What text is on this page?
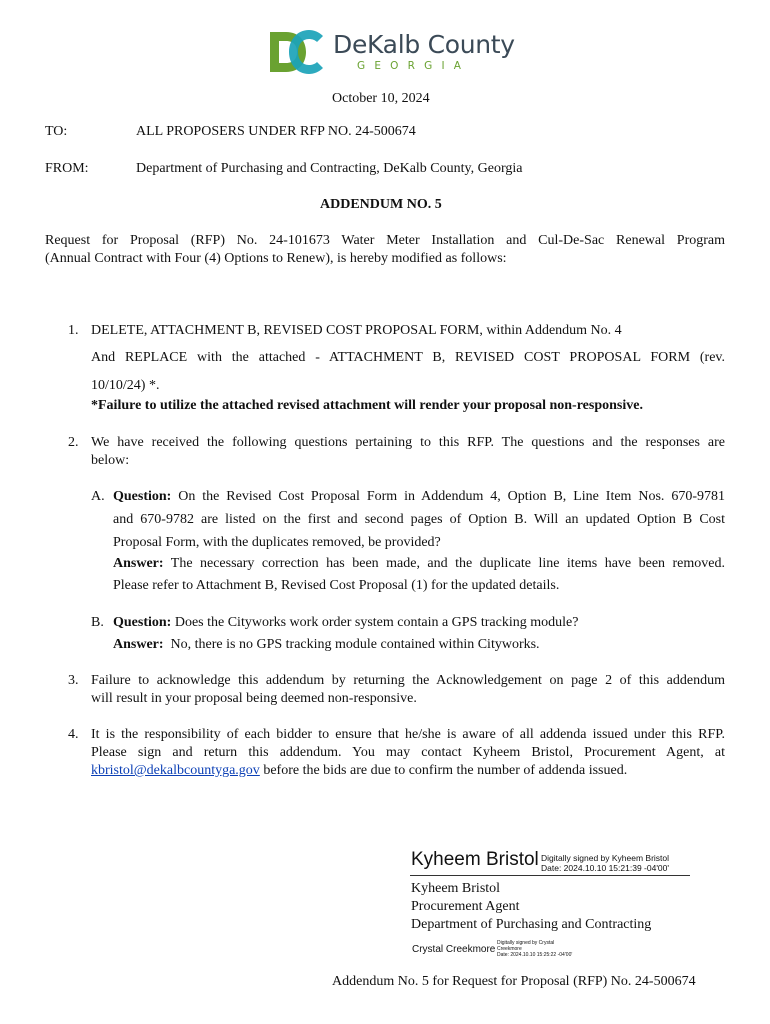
DeKalb County
GEORGIA
October 10, 2024
TO:	ALL PROPOSERS UNDER RFP NO. 24-500674
FROM:	Department of Purchasing and Contracting, DeKalb County, Georgia
ADDENDUM NO. 5
Request for Proposal (RFP) No. 24-101673 Water Meter Installation and Cul-De-Sac Renewal Program
(Annual Contract with Four (4) Options to Renew), is hereby modified as follows:
1. DELETE, ATTACHMENT B, REVISED COST PROPOSAL FORM, within Addendum No. 4
And REPLACE with the attached - ATTACHMENT B, REVISED COST PROPOSAL FORM (rev.
10/10/24) *.
*Failure to utilize the attached revised attachment will render your proposal non-responsive.
2. We have received the following questions pertaining to this RFP. The questions and the responses are
below:
A. Question: On the Revised Cost Proposal Form in Addendum 4, Option B, Line Item Nos. 670-9781
and 670-9782 are listed on the first and second pages of Option B. Will an updated Option B Cost
Proposal Form, with the duplicates removed, be provided?
Answer: The necessary correction has been made, and the duplicate line items have been removed.
Please refer to Attachment B, Revised Cost Proposal (1) for the updated details.
B. Question: Does the Cityworks work order system contain a GPS tracking module?
Answer:  No, there is no GPS tracking module contained within Cityworks.
3. Failure to acknowledge this addendum by returning the Acknowledgement on page 2 of this addendum
will result in your proposal being deemed non-responsive.
4. It is the responsibility of each bidder to ensure that he/she is aware of all addenda issued under this RFP.
Please sign and return this addendum. You may contact Kyheem Bristol, Procurement Agent, at
kbristol@dekalbcountyga.gov before the bids are due to confirm the number of addenda issued.
Kyheem Bristol Digitally signed by Kyheem Bristol
Date: 2024.10.10 15:21:39 -04'00'
Kyheem Bristol
Procurement Agent
Department of Purchasing and Contracting
Crystal Creekmore
Digitally signed by Crystal
Creekmore
Date: 2024.10.10 15:25:22 -04'00'
Addendum No. 5 for Request for Proposal (RFP) No. 24-500674
